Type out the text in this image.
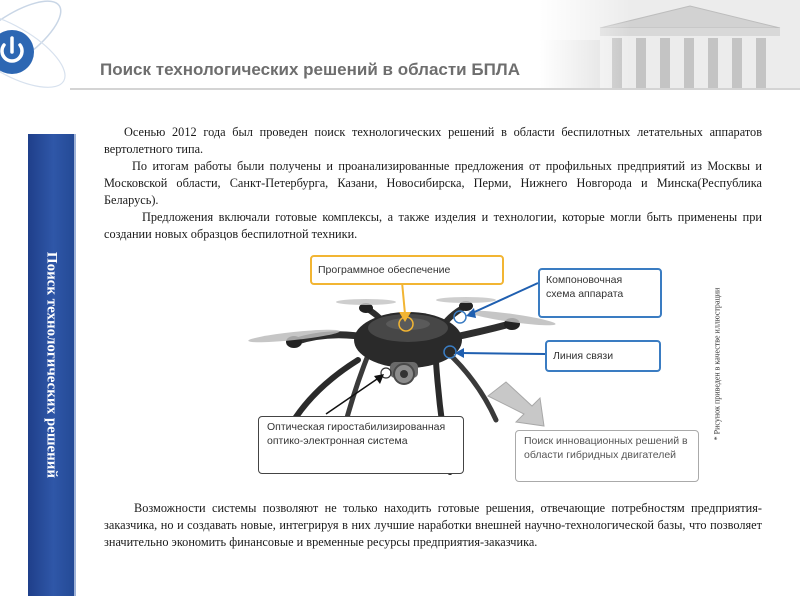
Поиск технологических решений в области БПЛА
Поиск технологических решений

Осенью 2012 года был проведен поиск технологических решений в области беспилотных летательных аппаратов вертолетного типа.

По итогам работы были получены и проанализированные предложения от профильных предприятий из Москвы и Московской области, Санкт-Петербурга, Казани, Новосибирска, Перми, Нижнего Новгорода и Минска(Республика Беларусь).

Предложения включали готовые комплексы, а также изделия и технологии, которые могли быть применены при создании новых образцов беспилотной техники.

Программное обеспечение
Компоновочная схема аппарата
Линия связи
Оптическая гиростабилизированная оптико-электронная система	Поиск инновационных решений в области гибридных двигателей
* Рисунок приведен в качестве иллюстрации

Возможности системы позволяют не только находить готовые решения, отвечающие потребностям предприятия-заказчика, но и создавать новые, интегрируя в них лучшие наработки внешней научно-технологической базы, что позволяет значительно экономить финансовые и временные ресурсы предприятия-заказчика.
